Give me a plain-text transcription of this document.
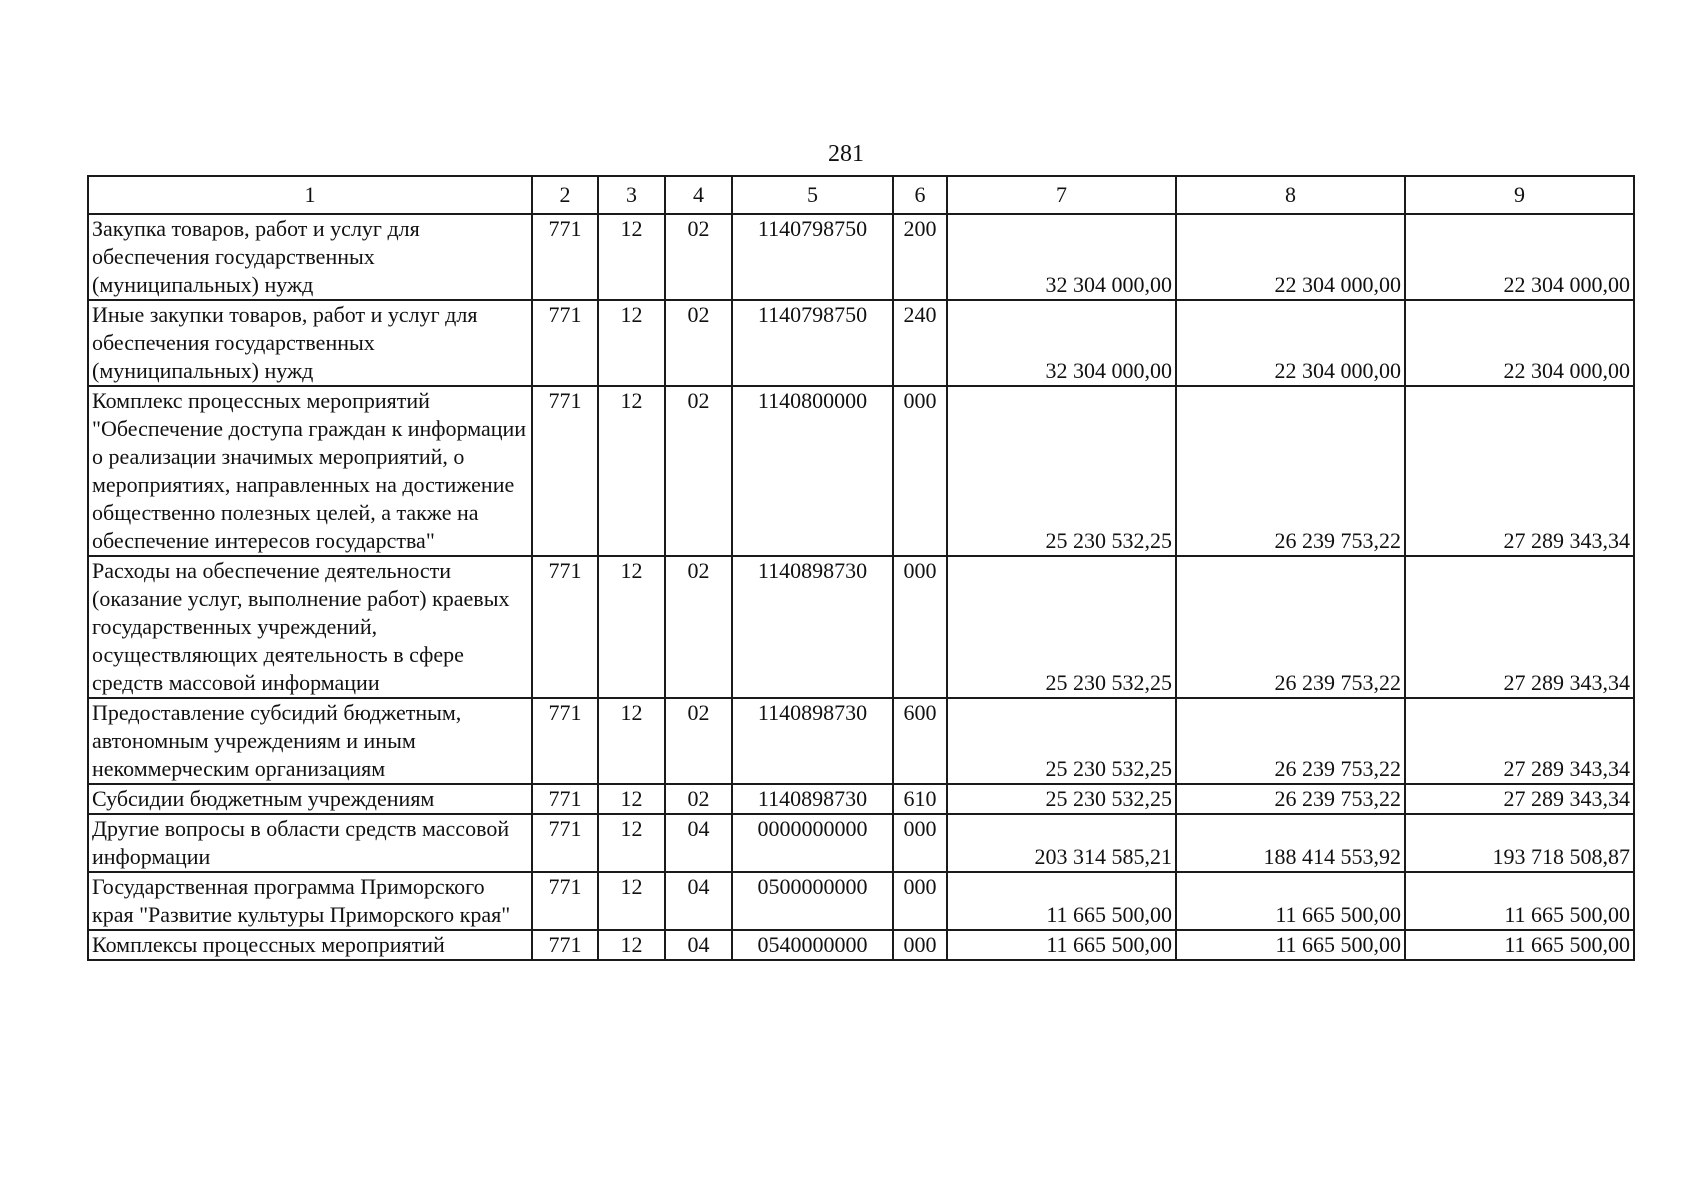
281
1	2	3	4	5	6	7	8	9
Закупка товаров, работ и услуг для обеспечения государственных (муниципальных) нужд	771	12	02	1140798750	200	32 304 000,00	22 304 000,00	22 304 000,00
Иные закупки товаров, работ и услуг для обеспечения государственных (муниципальных) нужд	771	12	02	1140798750	240	32 304 000,00	22 304 000,00	22 304 000,00
Комплекс процессных мероприятий "Обеспечение доступа граждан к информации о реализации значимых мероприятий, о мероприятиях, направленных на достижение общественно полезных целей, а также на обеспечение интересов государства"	771	12	02	1140800000	000	25 230 532,25	26 239 753,22	27 289 343,34
Расходы на обеспечение деятельности (оказание услуг, выполнение работ) краевых государственных учреждений, осуществляющих деятельность в сфере средств массовой информации	771	12	02	1140898730	000	25 230 532,25	26 239 753,22	27 289 343,34
Предоставление субсидий бюджетным, автономным учреждениям и иным некоммерческим организациям	771	12	02	1140898730	600	25 230 532,25	26 239 753,22	27 289 343,34
Субсидии бюджетным учреждениям	771	12	02	1140898730	610	25 230 532,25	26 239 753,22	27 289 343,34
Другие вопросы в области средств массовой информации	771	12	04	0000000000	000	203 314 585,21	188 414 553,92	193 718 508,87
Государственная программа Приморского края "Развитие культуры Приморского края"	771	12	04	0500000000	000	11 665 500,00	11 665 500,00	11 665 500,00
Комплексы процессных мероприятий	771	12	04	0540000000	000	11 665 500,00	11 665 500,00	11 665 500,00
